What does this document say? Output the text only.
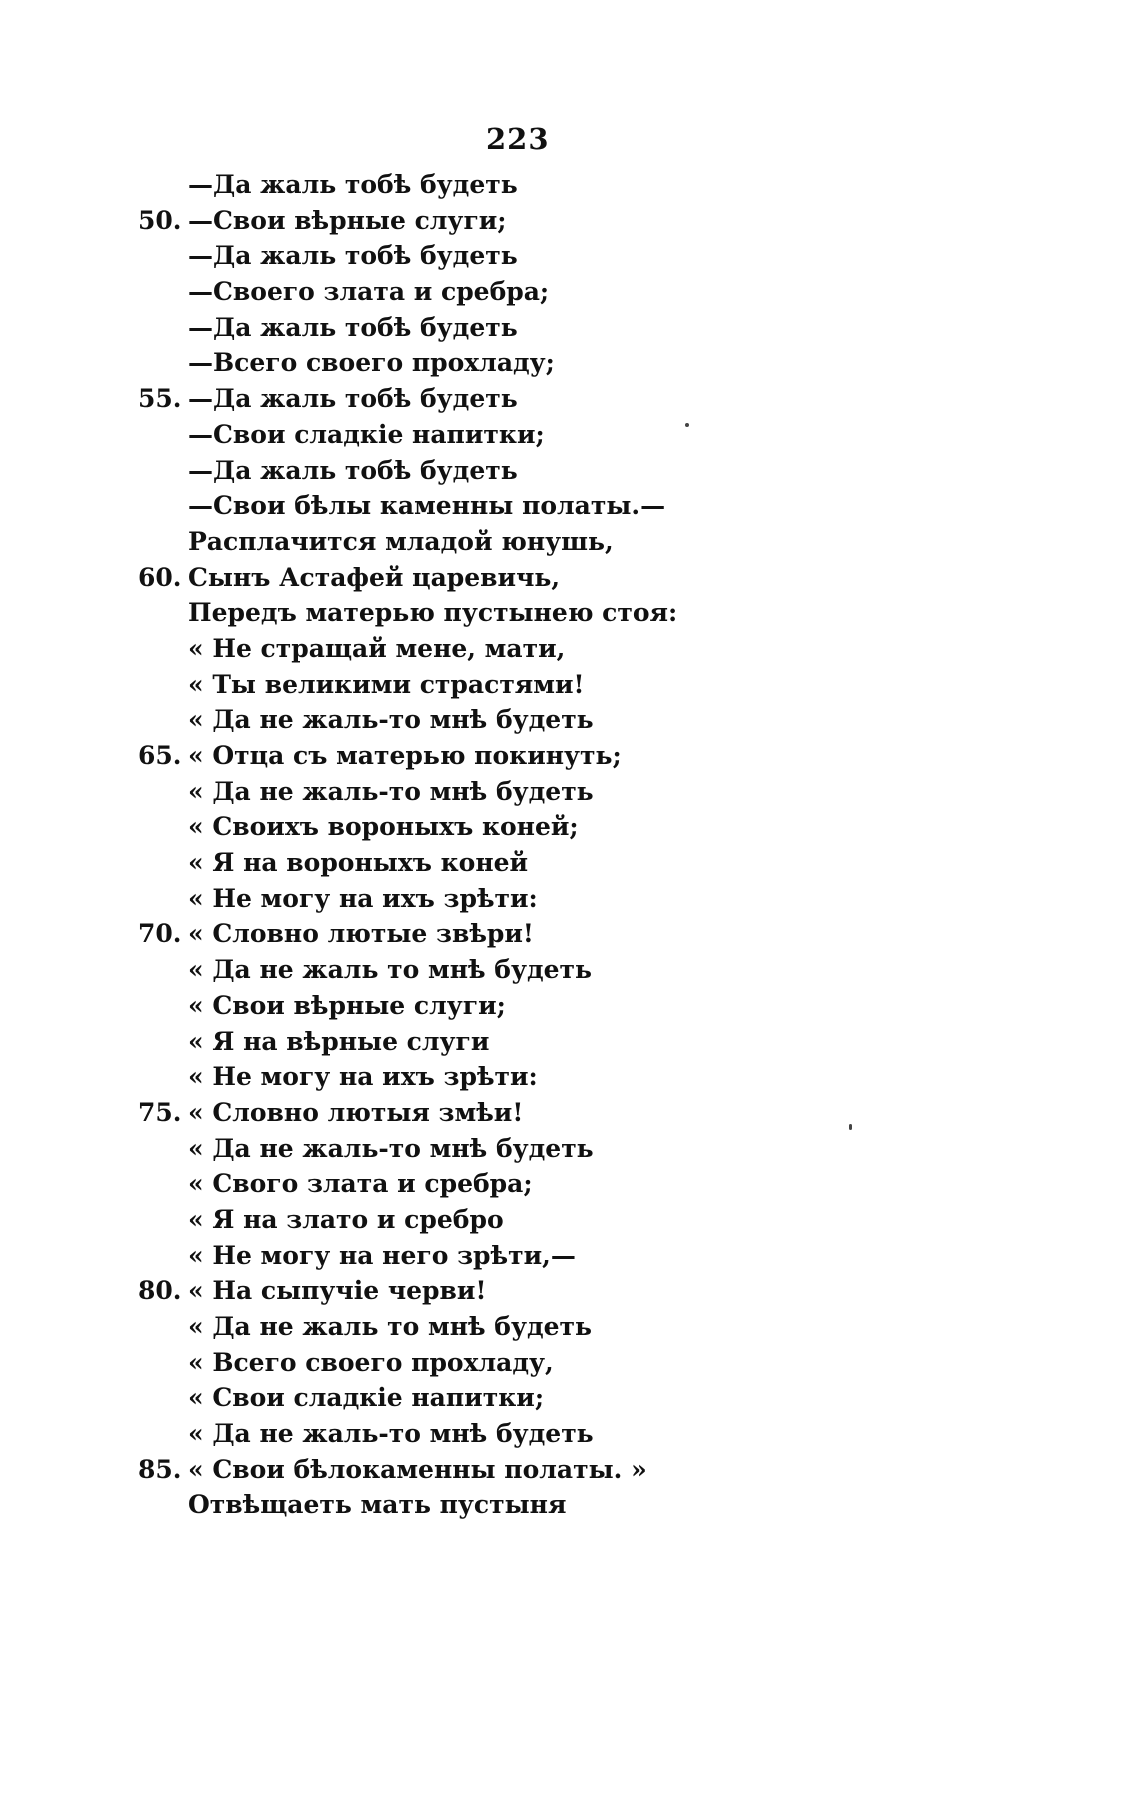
223
—Да жаль тобѣ будеть
50. —Свои вѣрные слуги;
—Да жаль тобѣ будеть
—Своего злата и сребра;
—Да жаль тобѣ будеть
—Всего своего прохладу;
55. —Да жаль тобѣ будеть
—Свои сладкіе напитки;
—Да жаль тобѣ будеть
—Свои бѣлы каменны полаты.—
Расплачится младой юнушь,
60. Сынъ Астафей царевичь,
Передъ матерью пустынею стоя:
« Не стращай мене, мати,
« Ты великими страстями!
« Да не жаль-то мнѣ будеть
65. « Отца съ матерью покинуть;
« Да не жаль-то мнѣ будеть
« Своихъ вороныхъ коней;
« Я на вороныхъ коней
« Не могу на ихъ зрѣти:
70. « Словно лютые звѣри!
« Да не жаль то мнѣ будеть
« Свои вѣрные слуги;
« Я на вѣрные слуги
« Не могу на ихъ зрѣти:
75. « Словно лютыя змѣи!
« Да не жаль-то мнѣ будеть
« Свого злата и сребра;
« Я на злато и сребро
« Не могу на него зрѣти,—
80. « На сыпучіе черви!
« Да не жаль то мнѣ будеть
« Всего своего прохладу,
« Свои сладкіе напитки;
« Да не жаль-то мнѣ будеть
85. « Свои бѣлокаменны полаты. »
Отвѣщаеть мать пустыня
